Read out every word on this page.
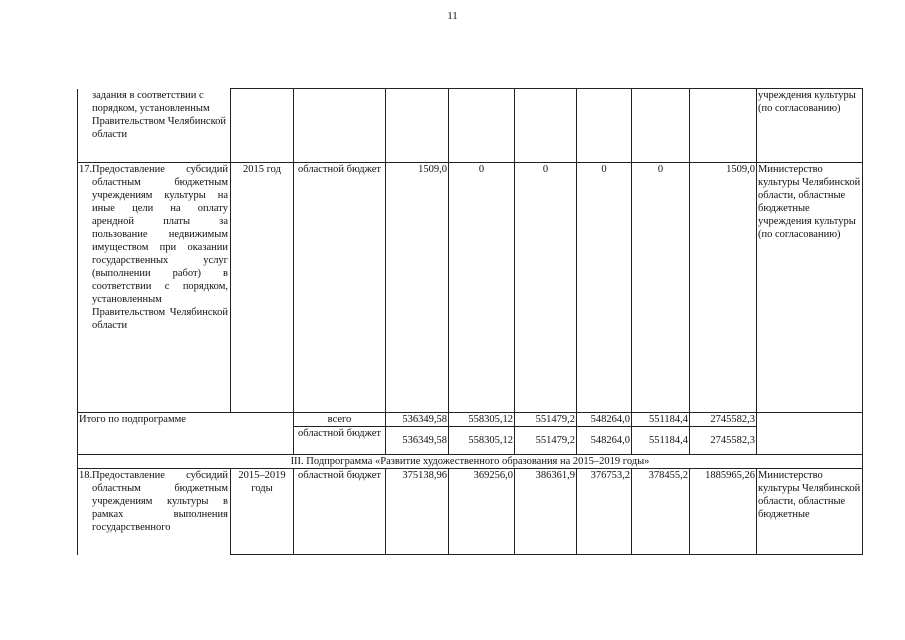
11
задания в соответствии с порядком, установленным Правительством Челябинской области									учреждения культуры (по согласованию)
17.Предоставление субсидий областным бюджетным учреждениям культуры на иные цели на оплату арендной платы за пользование недвижимым имуществом при оказании государственных услуг (выполнении работ) в соответствии с порядком, установленным Правительством Челябинской области	2015 год	областной бюджет	1509,0	0	0	0	0	1509,0	Министерство культуры Челябинской области, областные бюджетные учреждения культуры (по согласованию)
Итого по подпрограмме		всего	536349,58	558305,12	551479,2	548264,0	551184,4	2745582,3	
		областной бюджет	536349,58	558305,12	551479,2	548264,0	551184,4	2745582,3	
III. Подпрограмма «Развитие художественного образования на 2015–2019 годы»									
18.Предоставление субсидий областным бюджетным учреждениям культуры в рамках выполнения государственного	2015–2019 годы	областной бюджет	375138,96	369256,0	386361,9	376753,2	378455,2	1885965,26	Министерство культуры Челябинской области, областные бюджетные
